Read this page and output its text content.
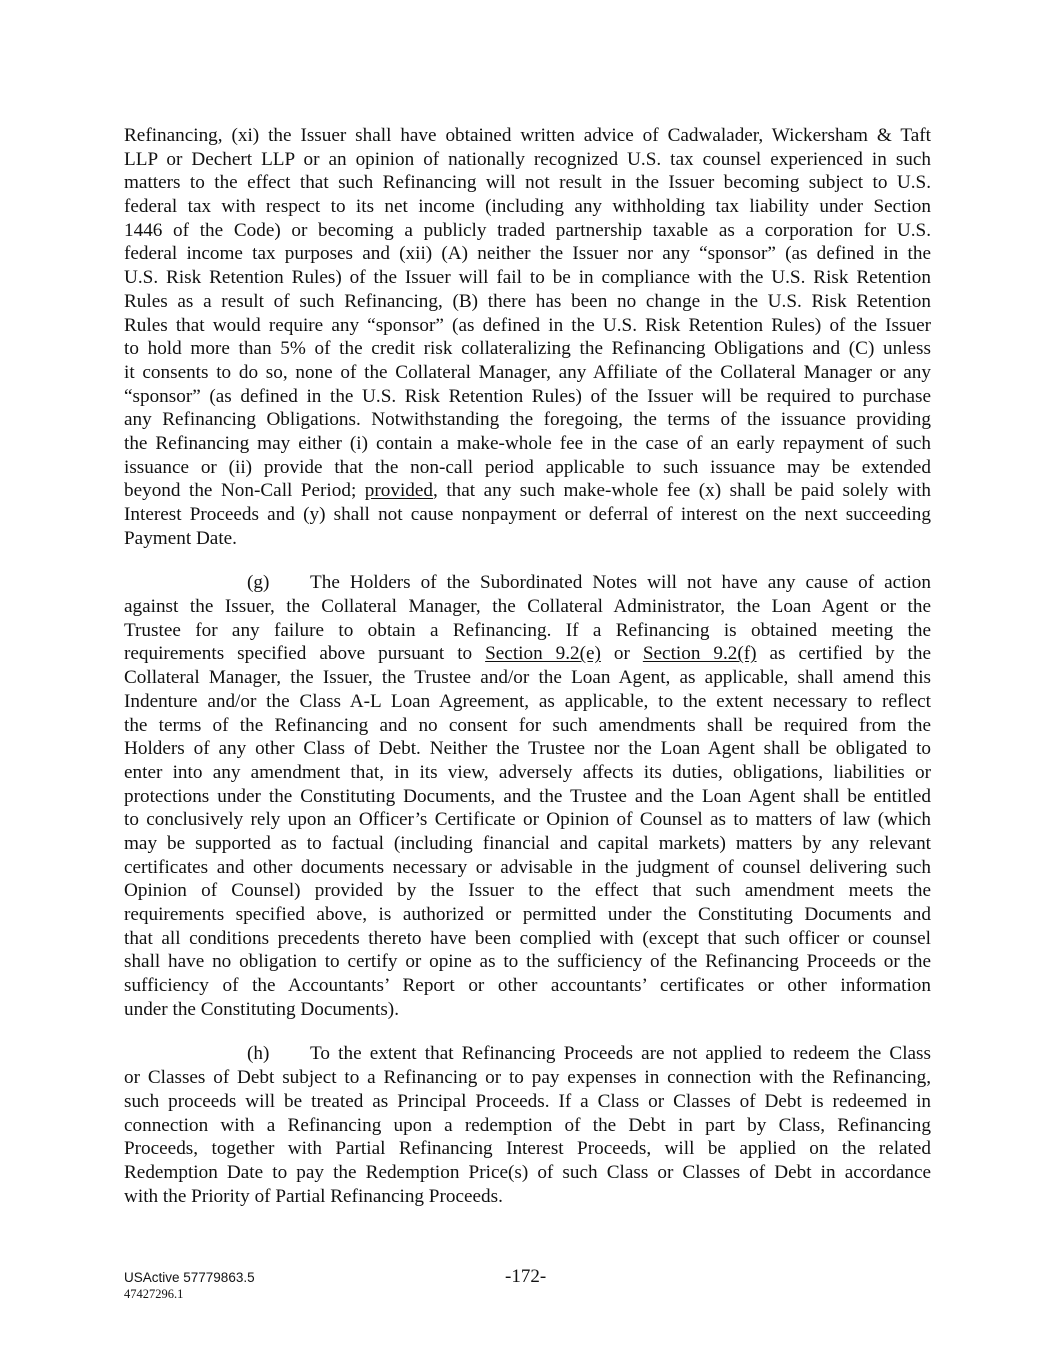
Refinancing, (xi) the Issuer shall have obtained written advice of Cadwalader, Wickersham & Taft
LLP or Dechert LLP or an opinion of nationally recognized U.S. tax counsel experienced in such
matters to the effect that such Refinancing will not result in the Issuer becoming subject to U.S.
federal tax with respect to its net income (including any withholding tax liability under Section
1446 of the Code) or becoming a publicly traded partnership taxable as a corporation for U.S.
federal income tax purposes and (xii) (A) neither the Issuer nor any “sponsor” (as defined in the
U.S. Risk Retention Rules) of the Issuer will fail to be in compliance with the U.S. Risk Retention
Rules as a result of such Refinancing, (B) there has been no change in the U.S. Risk Retention
Rules that would require any “sponsor” (as defined in the U.S. Risk Retention Rules) of the Issuer
to hold more than 5% of the credit risk collateralizing the Refinancing Obligations and (C) unless
it consents to do so, none of the Collateral Manager, any Affiliate of the Collateral Manager or any
“sponsor” (as defined in the U.S. Risk Retention Rules) of the Issuer will be required to purchase
any Refinancing Obligations. Notwithstanding the foregoing, the terms of the issuance providing
the Refinancing may either (i) contain a make-whole fee in the case of an early repayment of such
issuance or (ii) provide that the non-call period applicable to such issuance may be extended
beyond the Non-Call Period; provided, that any such make-whole fee (x) shall be paid solely with
Interest Proceeds and (y) shall not cause nonpayment or deferral of interest on the next succeeding
Payment Date.
(g) The Holders of the Subordinated Notes will not have any cause of action
against the Issuer, the Collateral Manager, the Collateral Administrator, the Loan Agent or the
Trustee for any failure to obtain a Refinancing. If a Refinancing is obtained meeting the
requirements specified above pursuant to Section 9.2(e) or Section 9.2(f) as certified by the
Collateral Manager, the Issuer, the Trustee and/or the Loan Agent, as applicable, shall amend this
Indenture and/or the Class A-L Loan Agreement, as applicable, to the extent necessary to reflect
the terms of the Refinancing and no consent for such amendments shall be required from the
Holders of any other Class of Debt. Neither the Trustee nor the Loan Agent shall be obligated to
enter into any amendment that, in its view, adversely affects its duties, obligations, liabilities or
protections under the Constituting Documents, and the Trustee and the Loan Agent shall be entitled
to conclusively rely upon an Officer’s Certificate or Opinion of Counsel as to matters of law (which
may be supported as to factual (including financial and capital markets) matters by any relevant
certificates and other documents necessary or advisable in the judgment of counsel delivering such
Opinion of Counsel) provided by the Issuer to the effect that such amendment meets the
requirements specified above, is authorized or permitted under the Constituting Documents and
that all conditions precedents thereto have been complied with (except that such officer or counsel
shall have no obligation to certify or opine as to the sufficiency of the Refinancing Proceeds or the
sufficiency of the Accountants’ Report or other accountants’ certificates or other information
under the Constituting Documents).
(h) To the extent that Refinancing Proceeds are not applied to redeem the Class
or Classes of Debt subject to a Refinancing or to pay expenses in connection with the Refinancing,
such proceeds will be treated as Principal Proceeds. If a Class or Classes of Debt is redeemed in
connection with a Refinancing upon a redemption of the Debt in part by Class, Refinancing
Proceeds, together with Partial Refinancing Interest Proceeds, will be applied on the related
Redemption Date to pay the Redemption Price(s) of such Class or Classes of Debt in accordance
with the Priority of Partial Refinancing Proceeds.
USActive 57779863.5
47427296.1
-172-
